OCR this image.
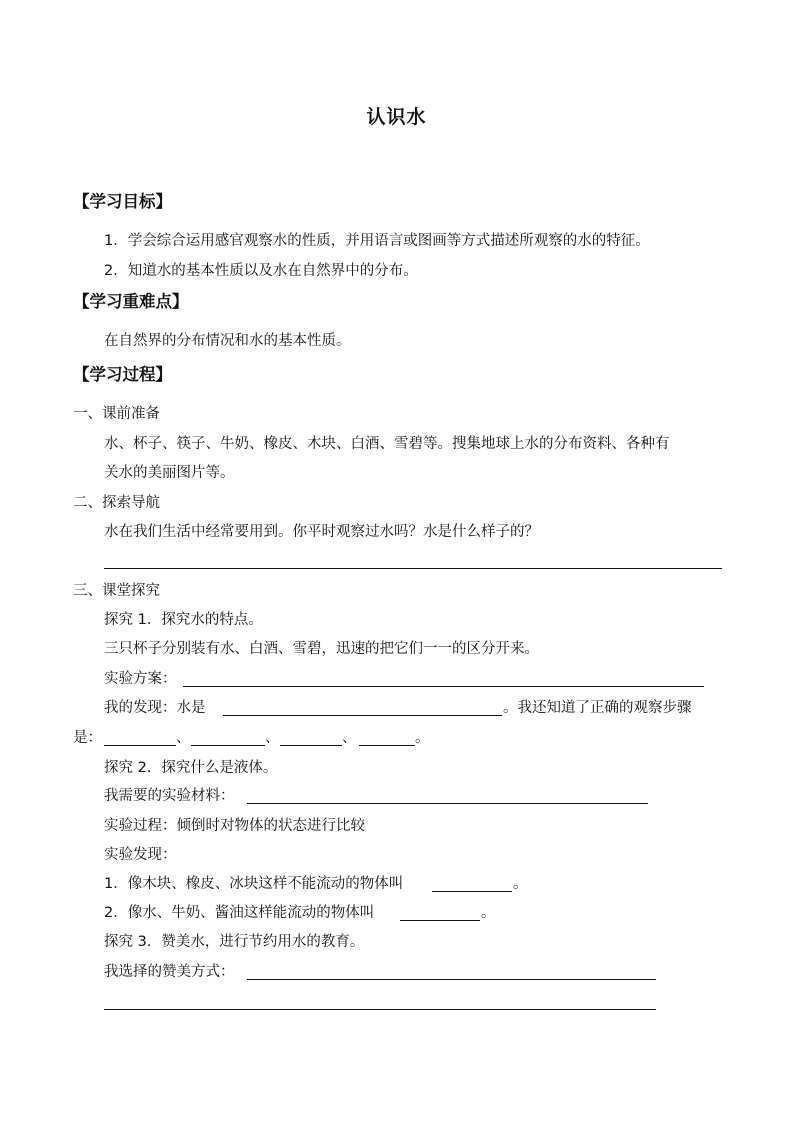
认识水
【学习目标】
1．学会综合运用感官观察水的性质，并用语言或图画等方式描述所观察的水的特征。
2．知道水的基本性质以及水在自然界中的分布。
【学习重难点】
在自然界的分布情况和水的基本性质。
【学习过程】
一、课前准备
水、杯子、筷子、牛奶、橡皮、木块、白酒、雪碧等。搜集地球上水的分布资料、各种有
关水的美丽图片等。
二、探索导航
水在我们生活中经常要用到。你平时观察过水吗？水是什么样子的？
三、课堂探究
探究 1．探究水的特点。
三只杯子分别装有水、白酒、雪碧，迅速的把它们一一的区分开来。
实验方案：
我的发现：水是	。我还知道了正确的观察步骤
是：	、	、	、	。
探究 2．探究什么是液体。
我需要的实验材料：
实验过程：倾倒时对物体的状态进行比较
实验发现：
1．像木块、橡皮、冰块这样不能流动的物体叫	。
2．像水、牛奶、酱油这样能流动的物体叫	。
探究 3．赞美水，进行节约用水的教育。
我选择的赞美方式：
